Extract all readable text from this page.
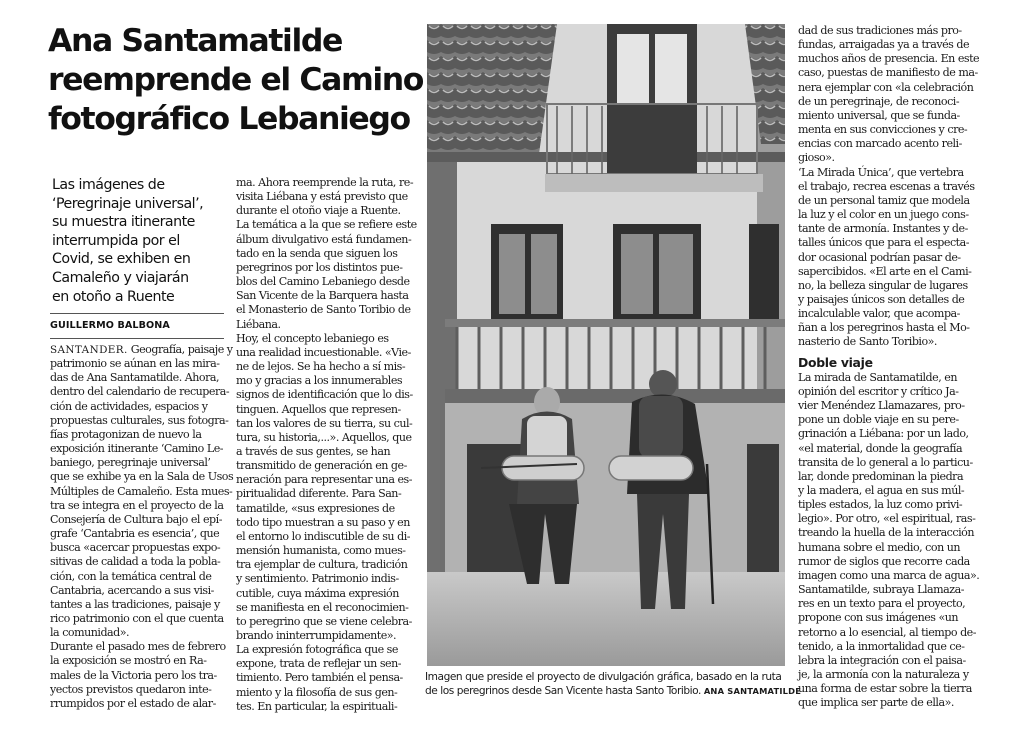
Ana Santamatilde
reemprende el Camino
fotográfico Lebaniego
Las imágenes de
‘Peregrinaje universal’,
su muestra itinerante
interrumpida por el
Covid, se exhiben en
Camaleño y viajarán
en otoño a Ruente
GUILLERMO BALBONA
SANTANDER. Geografía, paisaje y
patrimonio se aúnan en las mira-
das de Ana Santamatilde. Ahora,
dentro del calendario de recupera-
ción de actividades, espacios y
propuestas culturales, sus fotogra-
fías protagonizan de nuevo la
exposición itinerante ‘Camino Le-
baniego, peregrinaje universal’
que se exhibe ya en la Sala de Usos
Múltiples de Camaleño. Esta mues-
tra se integra en el proyecto de la
Consejería de Cultura bajo el epí-
grafe ‘Cantabria es esencia’, que
busca «acercar propuestas expo-
sitivas de calidad a toda la pobla-
ción, con la temática central de
Cantabria, acercando a sus visi-
tantes a las tradiciones, paisaje y
rico patrimonio con el que cuenta
la comunidad».
Durante el pasado mes de febrero
la exposición se mostró en Ra-
males de la Victoria pero los tra-
yectos previstos quedaron inte-
rrumpidos por el estado de alar-
ma. Ahora reemprende la ruta, re-
visita Liébana y está previsto que
durante el otoño viaje a Ruente.
La temática a la que se refiere este
álbum divulgativo está fundamen-
tado en la senda que siguen los
peregrinos por los distintos pue-
blos del Camino Lebaniego desde
San Vicente de la Barquera hasta
el Monasterio de Santo Toribio de
Liébana.
Hoy, el concepto lebaniego es
una realidad incuestionable. «Vie-
ne de lejos. Se ha hecho a sí mis-
mo y gracias a los innumerables
signos de identificación que lo dis-
tinguen. Aquellos que represen-
tan los valores de su tierra, su cul-
tura, su historia,...». Aquellos, que
a través de sus gentes, se han
transmitido de generación en ge-
neración para representar una es-
piritualidad diferente. Para San-
tamatilde, «sus expresiones de
todo tipo muestran a su paso y en
el entorno lo indiscutible de su di-
mensión humanista, como mues-
tra ejemplar de cultura, tradición
y sentimiento. Patrimonio indis-
cutible, cuya máxima expresión
se manifiesta en el reconocimien-
to peregrino que se viene celebra-
brando ininterrumpidamente».
La expresión fotográfica que se
expone, trata de reflejar un sen-
timiento. Pero también el pensa-
miento y la filosofía de sus gen-
tes. En particular, la espirituali-
Imagen que preside el proyecto de divulgación gráfica, basado en la ruta
de los peregrinos desde San Vicente hasta Santo Toribio. ANA SANTAMATILDE
dad de sus tradiciones más pro-
fundas, arraigadas ya a través de
muchos años de presencia. En este
caso, puestas de manifiesto de ma-
nera ejemplar con «la celebración
de un peregrinaje, de reconoci-
miento universal, que se funda-
menta en sus convicciones y cre-
encias con marcado acento reli-
gioso».
‘La Mirada Única’, que vertebra
el trabajo, recrea escenas a través
de un personal tamiz que modela
la luz y el color en un juego cons-
tante de armonía. Instantes y de-
talles únicos que para el especta-
dor ocasional podrían pasar de-
sapercibidos. «El arte en el Cami-
no, la belleza singular de lugares
y paisajes únicos son detalles de
incalculable valor, que acompa-
ñan a los peregrinos hasta el Mo-
nasterio de Santo Toribio».
Doble viaje
La mirada de Santamatilde, en
opinión del escritor y crítico Ja-
vier Menéndez Llamazares, pro-
pone un doble viaje en su pere-
grinación a Liébana: por un lado,
«el material, donde la geografía
transita de lo general a lo particu-
lar, donde predominan la piedra
y la madera, el agua en sus múl-
tiples estados, la luz como privi-
legio». Por otro, «el espiritual, ras-
treando la huella de la interacción
humana sobre el medio, con un
rumor de siglos que recorre cada
imagen como una marca de agua».
Santamatilde, subraya Llamaza-
res en un texto para el proyecto,
propone con sus imágenes «un
retorno a lo esencial, al tiempo de-
tenido, a la inmortalidad que ce-
lebra la integración con el paisa-
je, la armonía con la naturaleza y
una forma de estar sobre la tierra
que implica ser parte de ella».
